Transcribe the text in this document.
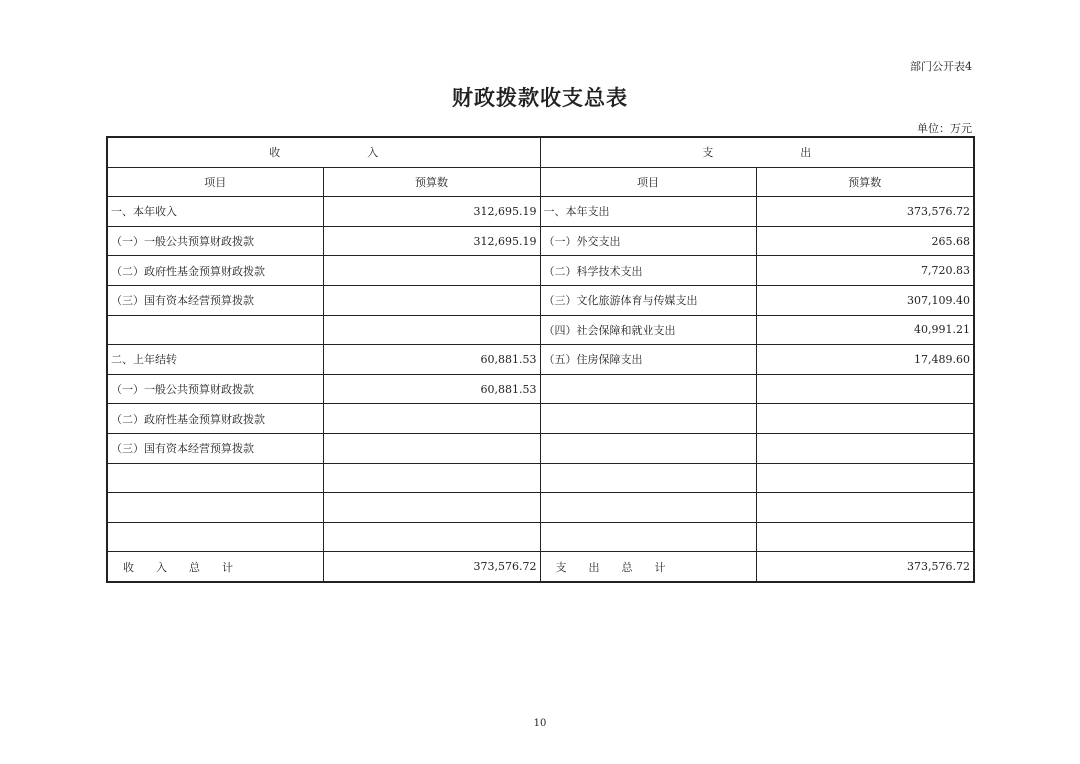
部门公开表4
财政拨款收支总表
单位：万元
收　入		支　出	
项目	预算数	项目	预算数
一、本年收入	312,695.19	一、本年支出	373,576.72
（一）一般公共预算财政拨款	312,695.19	（一）外交支出	265.68
（二）政府性基金预算财政拨款		（二）科学技术支出	7,720.83
（三）国有资本经营预算拨款		（三）文化旅游体育与传媒支出	307,109.40
		（四）社会保障和就业支出	40,991.21
二、上年结转	60,881.53	（五）住房保障支出	17,489.60
（一）一般公共预算财政拨款	60,881.53		
（二）政府性基金预算财政拨款			
（三）国有资本经营预算拨款			

收入总计	373,576.72	支出总计	373,576.72
10
